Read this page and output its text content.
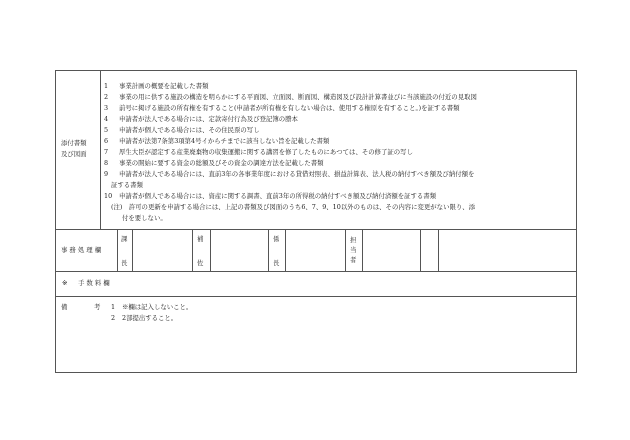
添付書類
及び図面
1 事業計画の概要を記載した書類
2 事業の用に供する施設の構造を明らかにする平面図、立面図、断面図、構造図及び設計計算書並びに当該施設の付近の見取図
3 前号に掲げる施設の所有権を有すること(申請者が所有権を有しない場合は、使用する権原を有すること。)を証する書類
4 申請者が法人である場合には、定款寄付行為及び登記簿の謄本
5 申請者が個人である場合には、その住民票の写し
6 申請者が法第7条第3項第4号イからチまでに該当しない旨を記載した書類
7 厚生大臣が認定する産業廃棄物の収集運搬に関する講習を修了したものにあつては、その修了証の写し
8 事業の開始に要する資金の総額及びその資金の調達方法を記載した書類
9 申請者が法人である場合には、直前3年の各事業年度における貸借対照表、損益計算表、法人税の納付すべき額及び納付額を
証する書類
10 申請者が個人である場合には、資産に関する調書、直前3年の所得税の納付すべき額及び納付済額を証する書類
(注)　許可の更新を申請する場合には、上記の書類及び図面のうち6、7、9、10以外のものは、その内容に変更がない限り、添
付を要しない。
事 務 処 理 欄
課
長
補
佐
係
長
担
当
者
※ 手 数 料 欄
備	考 1 ※欄は記入しないこと。
2 2部提出すること。
